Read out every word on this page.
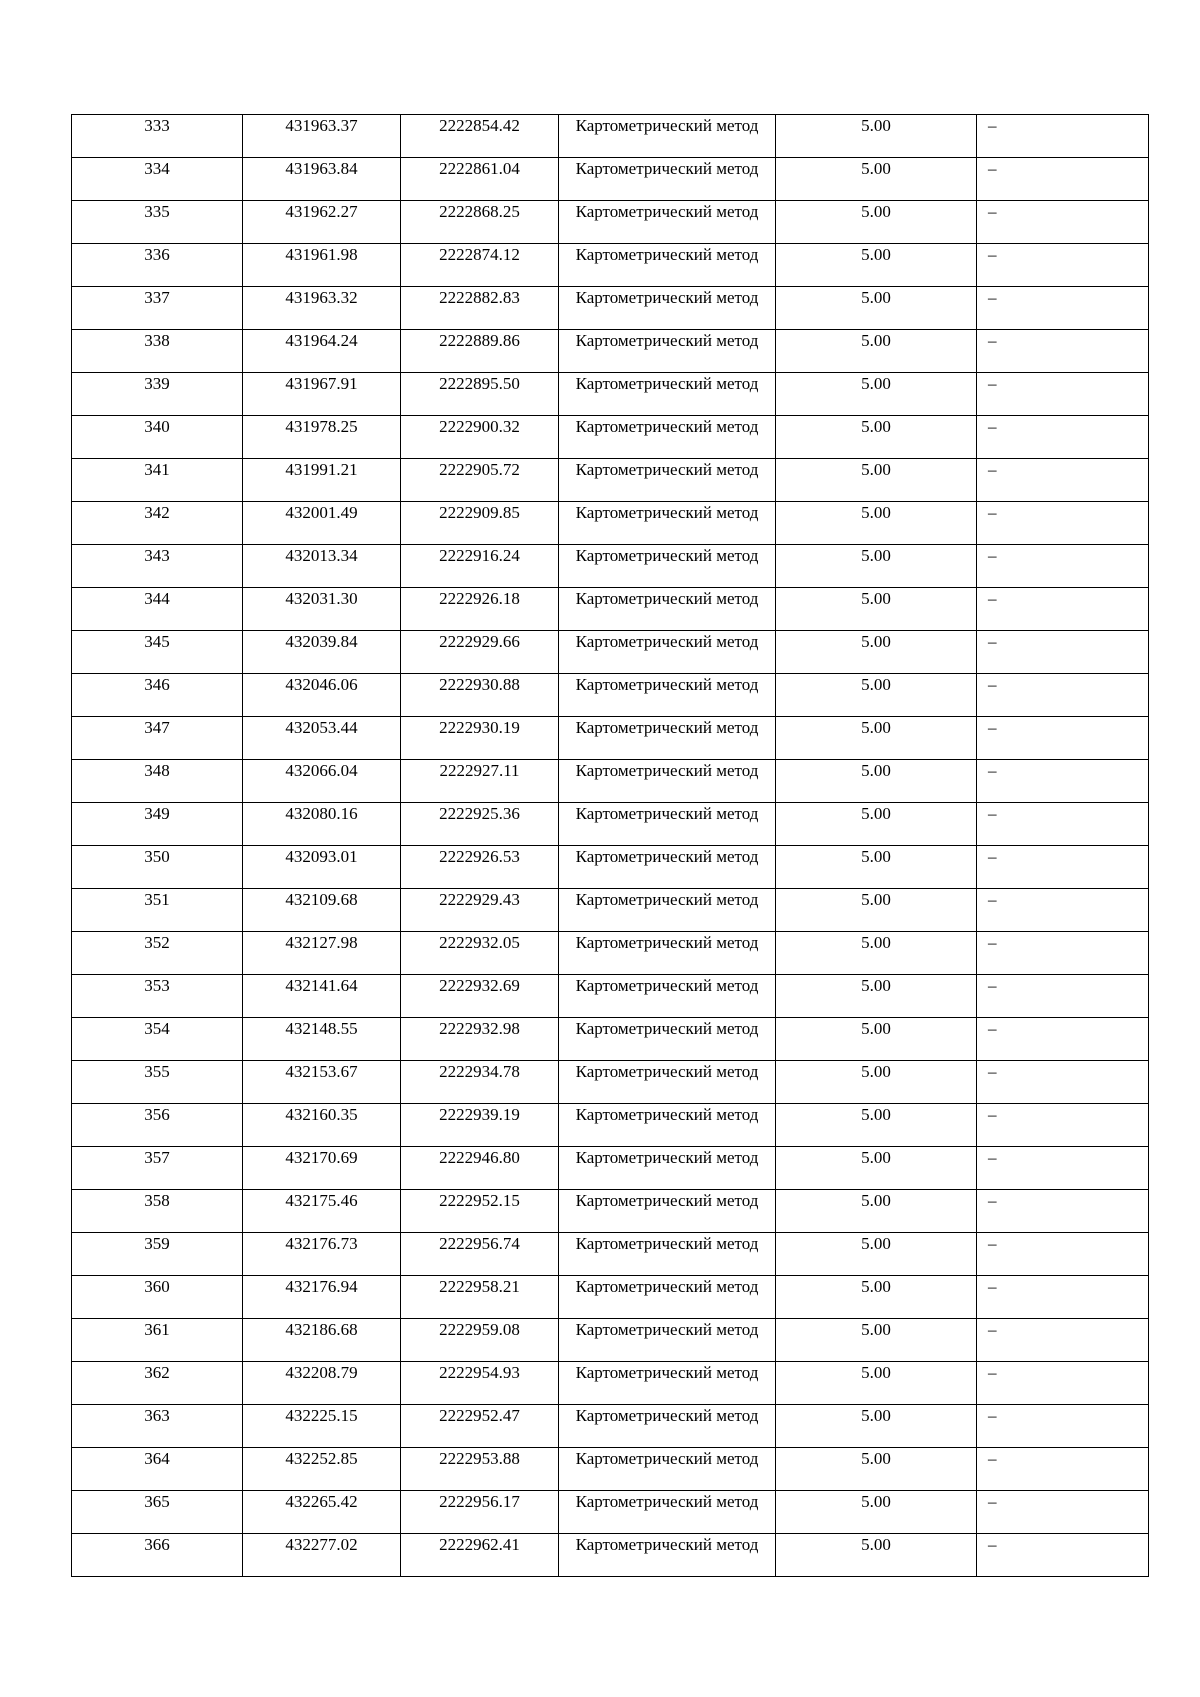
333	431963.37	2222854.42	Картометрический метод	5.00	–

334	431963.84	2222861.04	Картометрический метод	5.00	–

335	431962.27	2222868.25	Картометрический метод	5.00	–

336	431961.98	2222874.12	Картометрический метод	5.00	–

337	431963.32	2222882.83	Картометрический метод	5.00	–

338	431964.24	2222889.86	Картометрический метод	5.00	–

339	431967.91	2222895.50	Картометрический метод	5.00	–

340	431978.25	2222900.32	Картометрический метод	5.00	–

341	431991.21	2222905.72	Картометрический метод	5.00	–

342	432001.49	2222909.85	Картометрический метод	5.00	–

343	432013.34	2222916.24	Картометрический метод	5.00	–

344	432031.30	2222926.18	Картометрический метод	5.00	–

345	432039.84	2222929.66	Картометрический метод	5.00	–

346	432046.06	2222930.88	Картометрический метод	5.00	–

347	432053.44	2222930.19	Картометрический метод	5.00	–

348	432066.04	2222927.11	Картометрический метод	5.00	–

349	432080.16	2222925.36	Картометрический метод	5.00	–

350	432093.01	2222926.53	Картометрический метод	5.00	–

351	432109.68	2222929.43	Картометрический метод	5.00	–

352	432127.98	2222932.05	Картометрический метод	5.00	–

353	432141.64	2222932.69	Картометрический метод	5.00	–

354	432148.55	2222932.98	Картометрический метод	5.00	–

355	432153.67	2222934.78	Картометрический метод	5.00	–

356	432160.35	2222939.19	Картометрический метод	5.00	–

357	432170.69	2222946.80	Картометрический метод	5.00	–

358	432175.46	2222952.15	Картометрический метод	5.00	–

359	432176.73	2222956.74	Картометрический метод	5.00	–

360	432176.94	2222958.21	Картометрический метод	5.00	–

361	432186.68	2222959.08	Картометрический метод	5.00	–

362	432208.79	2222954.93	Картометрический метод	5.00	–

363	432225.15	2222952.47	Картометрический метод	5.00	–

364	432252.85	2222953.88	Картометрический метод	5.00	–

365	432265.42	2222956.17	Картометрический метод	5.00	–

366	432277.02	2222962.41	Картометрический метод	5.00	–
